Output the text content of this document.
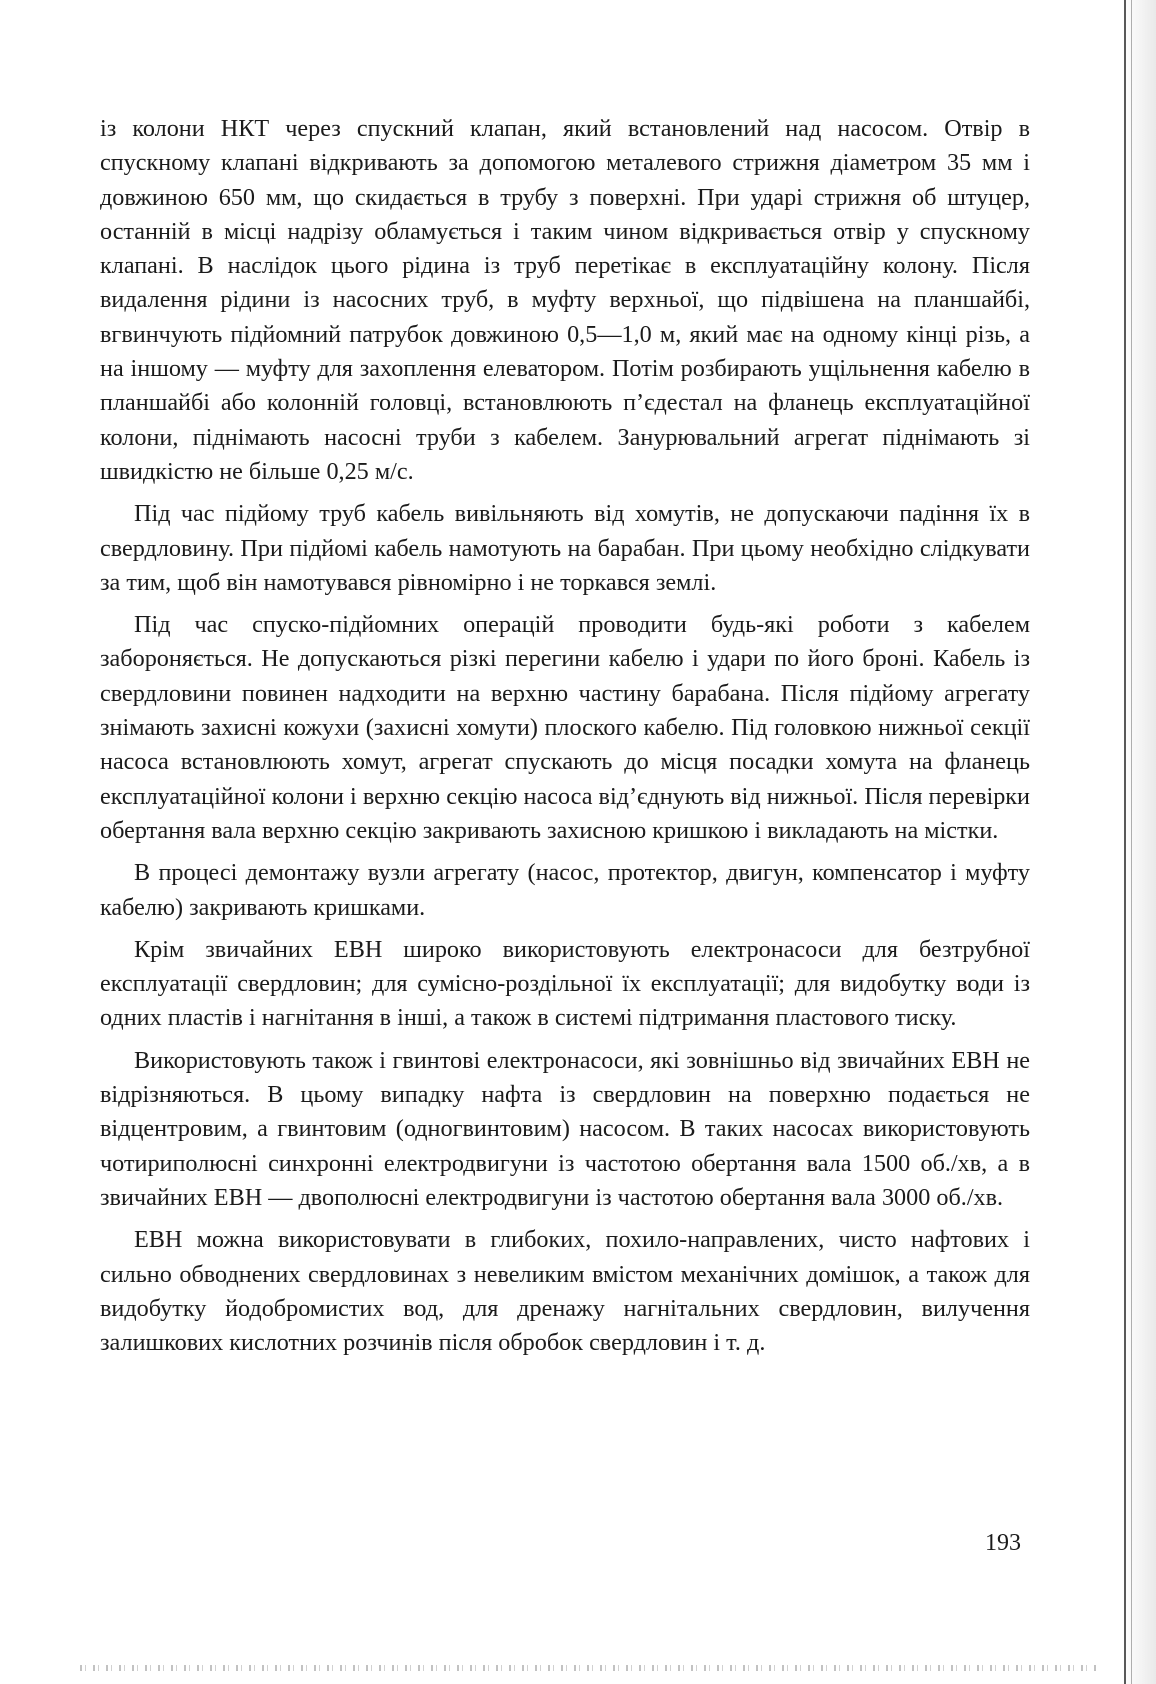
із колони НКТ через спускний клапан, який встановлений над насосом. Отвір в спускному клапані відкривають за допомогою металевого стрижня діаметром 35 мм і довжиною 650 мм, що скидається в трубу з поверхні. При ударі стрижня об штуцер, останній в місці надрізу обламується і таким чином відкривається отвір у спускному клапані. В наслідок цього рідина із труб перетікає в експлуатаційну колону. Після видалення рідини із насосних труб, в муфту верхньої, що підвішена на планшайбі, вгвинчують підйомний патрубок довжиною 0,5—1,0 м, який має на одному кінці різь, а на іншому — муфту для захоплення елеватором. Потім розбирають ущільнення кабелю в планшайбі або колонній головці, встановлюють п’єдестал на фланець експлуатаційної колони, піднімають насосні труби з кабелем. Занурювальний агрегат піднімають зі швидкістю не більше 0,25 м/с.

Під час підйому труб кабель вивільняють від хомутів, не допускаючи падіння їх в свердловину. При підйомі кабель намотують на барабан. При цьому необхідно слідкувати за тим, щоб він намотувався рівномірно і не торкався землі.

Під час спуско-підйомних операцій проводити будь-які роботи з кабелем забороняється. Не допускаються різкі перегини кабелю і удари по його броні. Кабель із свердловини повинен надходити на верхню частину барабана. Після підйому агрегату знімають захисні кожухи (захисні хомути) плоского кабелю. Під головкою нижньої секції насоса встановлюють хомут, агрегат спускають до місця посадки хомута на фланець експлуатаційної колони і верхню секцію насоса від’єднують від нижньої. Після перевірки обертання вала верхню секцію закривають захисною кришкою і викладають на містки.

В процесі демонтажу вузли агрегату (насос, протектор, двигун, компенсатор і муфту кабелю) закривають кришками.

Крім звичайних ЕВН широко використовують електронасоси для безтрубної експлуатації свердловин; для сумісно-роздільної їх експлуатації; для видобутку води із одних пластів і нагнітання в інші, а також в системі підтримання пластового тиску.

Використовують також і гвинтові електронасоси, які зовнішньо від звичайних ЕВН не відрізняються. В цьому випадку нафта із свердловин на поверхню подається не відцентровим, а гвинтовим (одногвинтовим) насосом. В таких насосах використовують чотириполюсні синхронні електродвигуни із частотою обертання вала 1500 об./хв, а в звичайних ЕВН — двополюсні електродвигуни із частотою обертання вала 3000 об./хв.

ЕВН можна використовувати в глибоких, похило-направлених, чисто нафтових і сильно обводнених свердловинах з невеликим вмістом механічних домішок, а також для видобутку йодобромистих вод, для дренажу нагнітальних свердловин, вилучення залишкових кислотних розчинів після обробок свердловин і т. д.

193
